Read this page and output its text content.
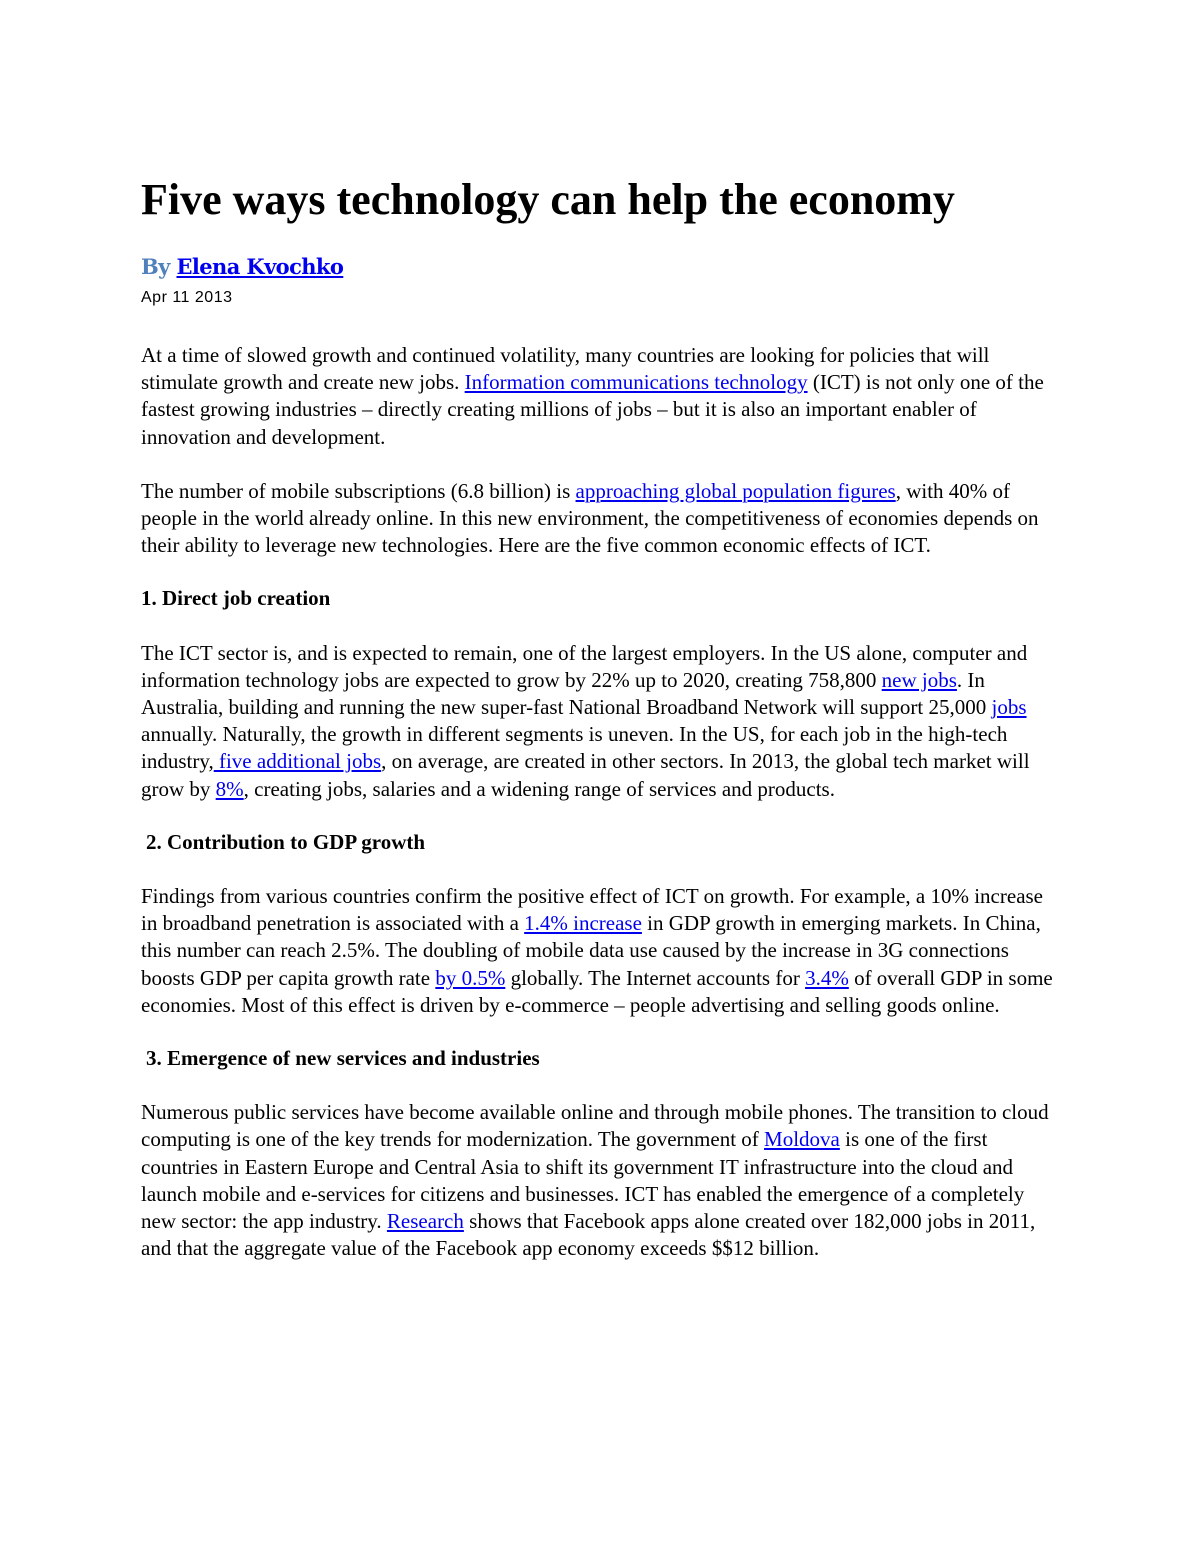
Five ways technology can help the economy
By Elena Kvochko
Apr 11 2013

At a time of slowed growth and continued volatility, many countries are looking for policies that will stimulate growth and create new jobs. Information communications technology (ICT) is not only one of the fastest growing industries – directly creating millions of jobs – but it is also an important enabler of innovation and development.

The number of mobile subscriptions (6.8 billion) is approaching global population figures, with 40% of people in the world already online. In this new environment, the competitiveness of economies depends on their ability to leverage new technologies. Here are the five common economic effects of ICT.

1. Direct job creation

The ICT sector is, and is expected to remain, one of the largest employers. In the US alone, computer and information technology jobs are expected to grow by 22% up to 2020, creating 758,800 new jobs. In Australia, building and running the new super-fast National Broadband Network will support 25,000 jobs annually. Naturally, the growth in different segments is uneven. In the US, for each job in the high-tech industry, five additional jobs, on average, are created in other sectors. In 2013, the global tech market will grow by 8%, creating jobs, salaries and a widening range of services and products.

2. Contribution to GDP growth

Findings from various countries confirm the positive effect of ICT on growth. For example, a 10% increase in broadband penetration is associated with a 1.4% increase in GDP growth in emerging markets. In China, this number can reach 2.5%. The doubling of mobile data use caused by the increase in 3G connections boosts GDP per capita growth rate by 0.5% globally. The Internet accounts for 3.4% of overall GDP in some economies. Most of this effect is driven by e-commerce – people advertising and selling goods online.

3. Emergence of new services and industries

Numerous public services have become available online and through mobile phones. The transition to cloud computing is one of the key trends for modernization. The government of Moldova is one of the first countries in Eastern Europe and Central Asia to shift its government IT infrastructure into the cloud and launch mobile and e-services for citizens and businesses. ICT has enabled the emergence of a completely new sector: the app industry. Research shows that Facebook apps alone created over 182,000 jobs in 2011, and that the aggregate value of the Facebook app economy exceeds $$12 billion.
